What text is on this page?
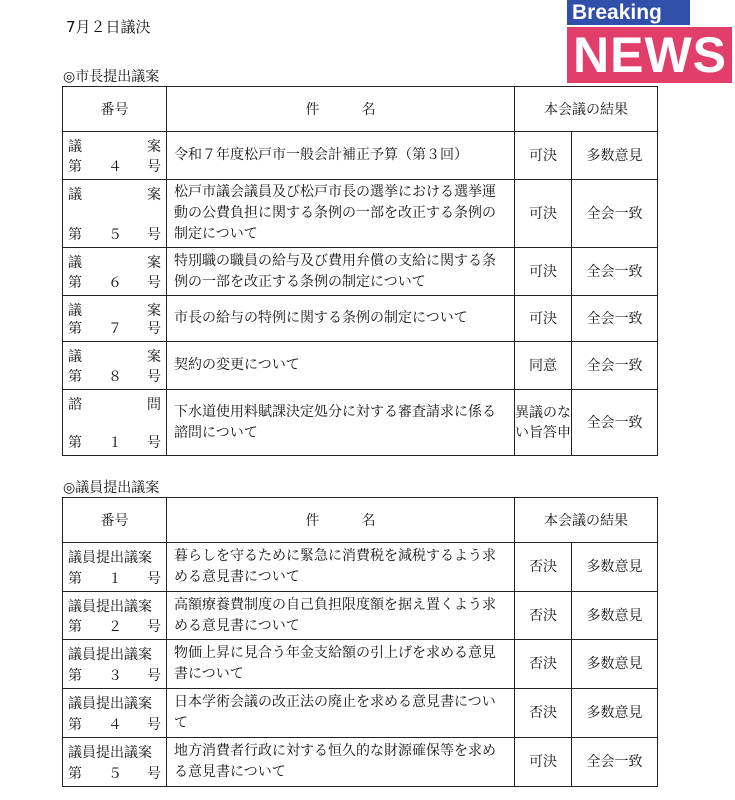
7月２日議決
Breaking
NEWS
◎市長提出議案
番号	件　　　名	本会議の結果	

議 案
第 ４ 号	令和７年度松戸市一般会計補正予算（第３回）	可決	多数意見

議 案
第 ５ 号	松戸市議会議員及び松戸市長の選挙における選挙運動の公費負担に関する条例の一部を改正する条例の制定について	可決	全会一致

議 案
第 ６ 号	特別職の職員の給与及び費用弁償の支給に関する条例の一部を改正する条例の制定について	可決	全会一致

議 案
第 ７ 号	市長の給与の特例に関する条例の制定について	可決	全会一致

議 案
第 ８ 号	契約の変更について	同意	全会一致

諮 問
第 １ 号	下水道使用料賦課決定処分に対する審査請求に係る諮問について	異議のない旨答申	全会一致
◎議員提出議案
番号	件　　　名	本会議の結果	

議員提出議案
第 １ 号	暮らしを守るために緊急に消費税を減税するよう求める意見書について	否決	多数意見

議員提出議案
第 ２ 号	高額療養費制度の自己負担限度額を据え置くよう求める意見書について	否決	多数意見

議員提出議案
第 ３ 号	物価上昇に見合う年金支給額の引上げを求める意見書について	否決	多数意見

議員提出議案
第 ４ 号	日本学術会議の改正法の廃止を求める意見書について	否決	多数意見

議員提出議案
第 ５ 号	地方消費者行政に対する恒久的な財源確保等を求める意見書について	可決	全会一致
